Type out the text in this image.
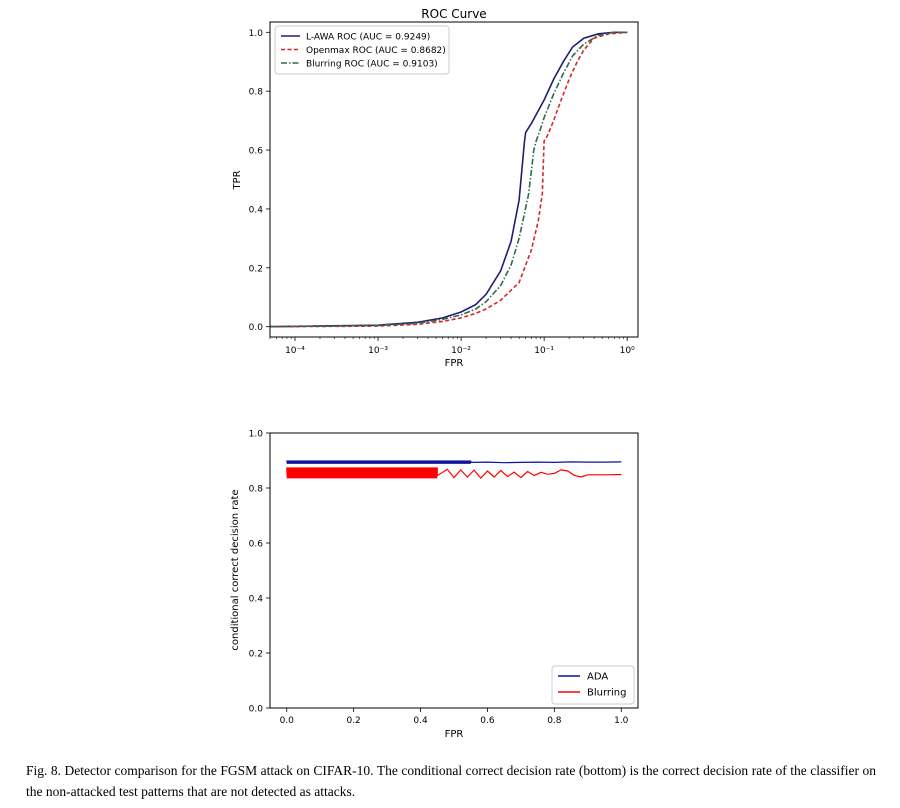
ROC Curve
10⁻⁴	10⁻³	10⁻²	10⁻¹	10⁰
0.0
0.2
0.4
0.6
0.8
1.0
FPR
TPR
L-AWA ROC (AUC = 0.9249)
Openmax ROC (AUC = 0.8682)
Blurring ROC (AUC = 0.9103)
0.0	0.2	0.4	0.6	0.8	1.0
0.0
0.2
0.4
0.6
0.8
1.0
FPR
conditional correct decision rate
ADA
Blurring

Fig. 8. Detector comparison for the FGSM attack on CIFAR-10. The conditional correct decision rate (bottom) is the correct decision rate of the classifier on the non-attacked test patterns that are not detected as attacks.
